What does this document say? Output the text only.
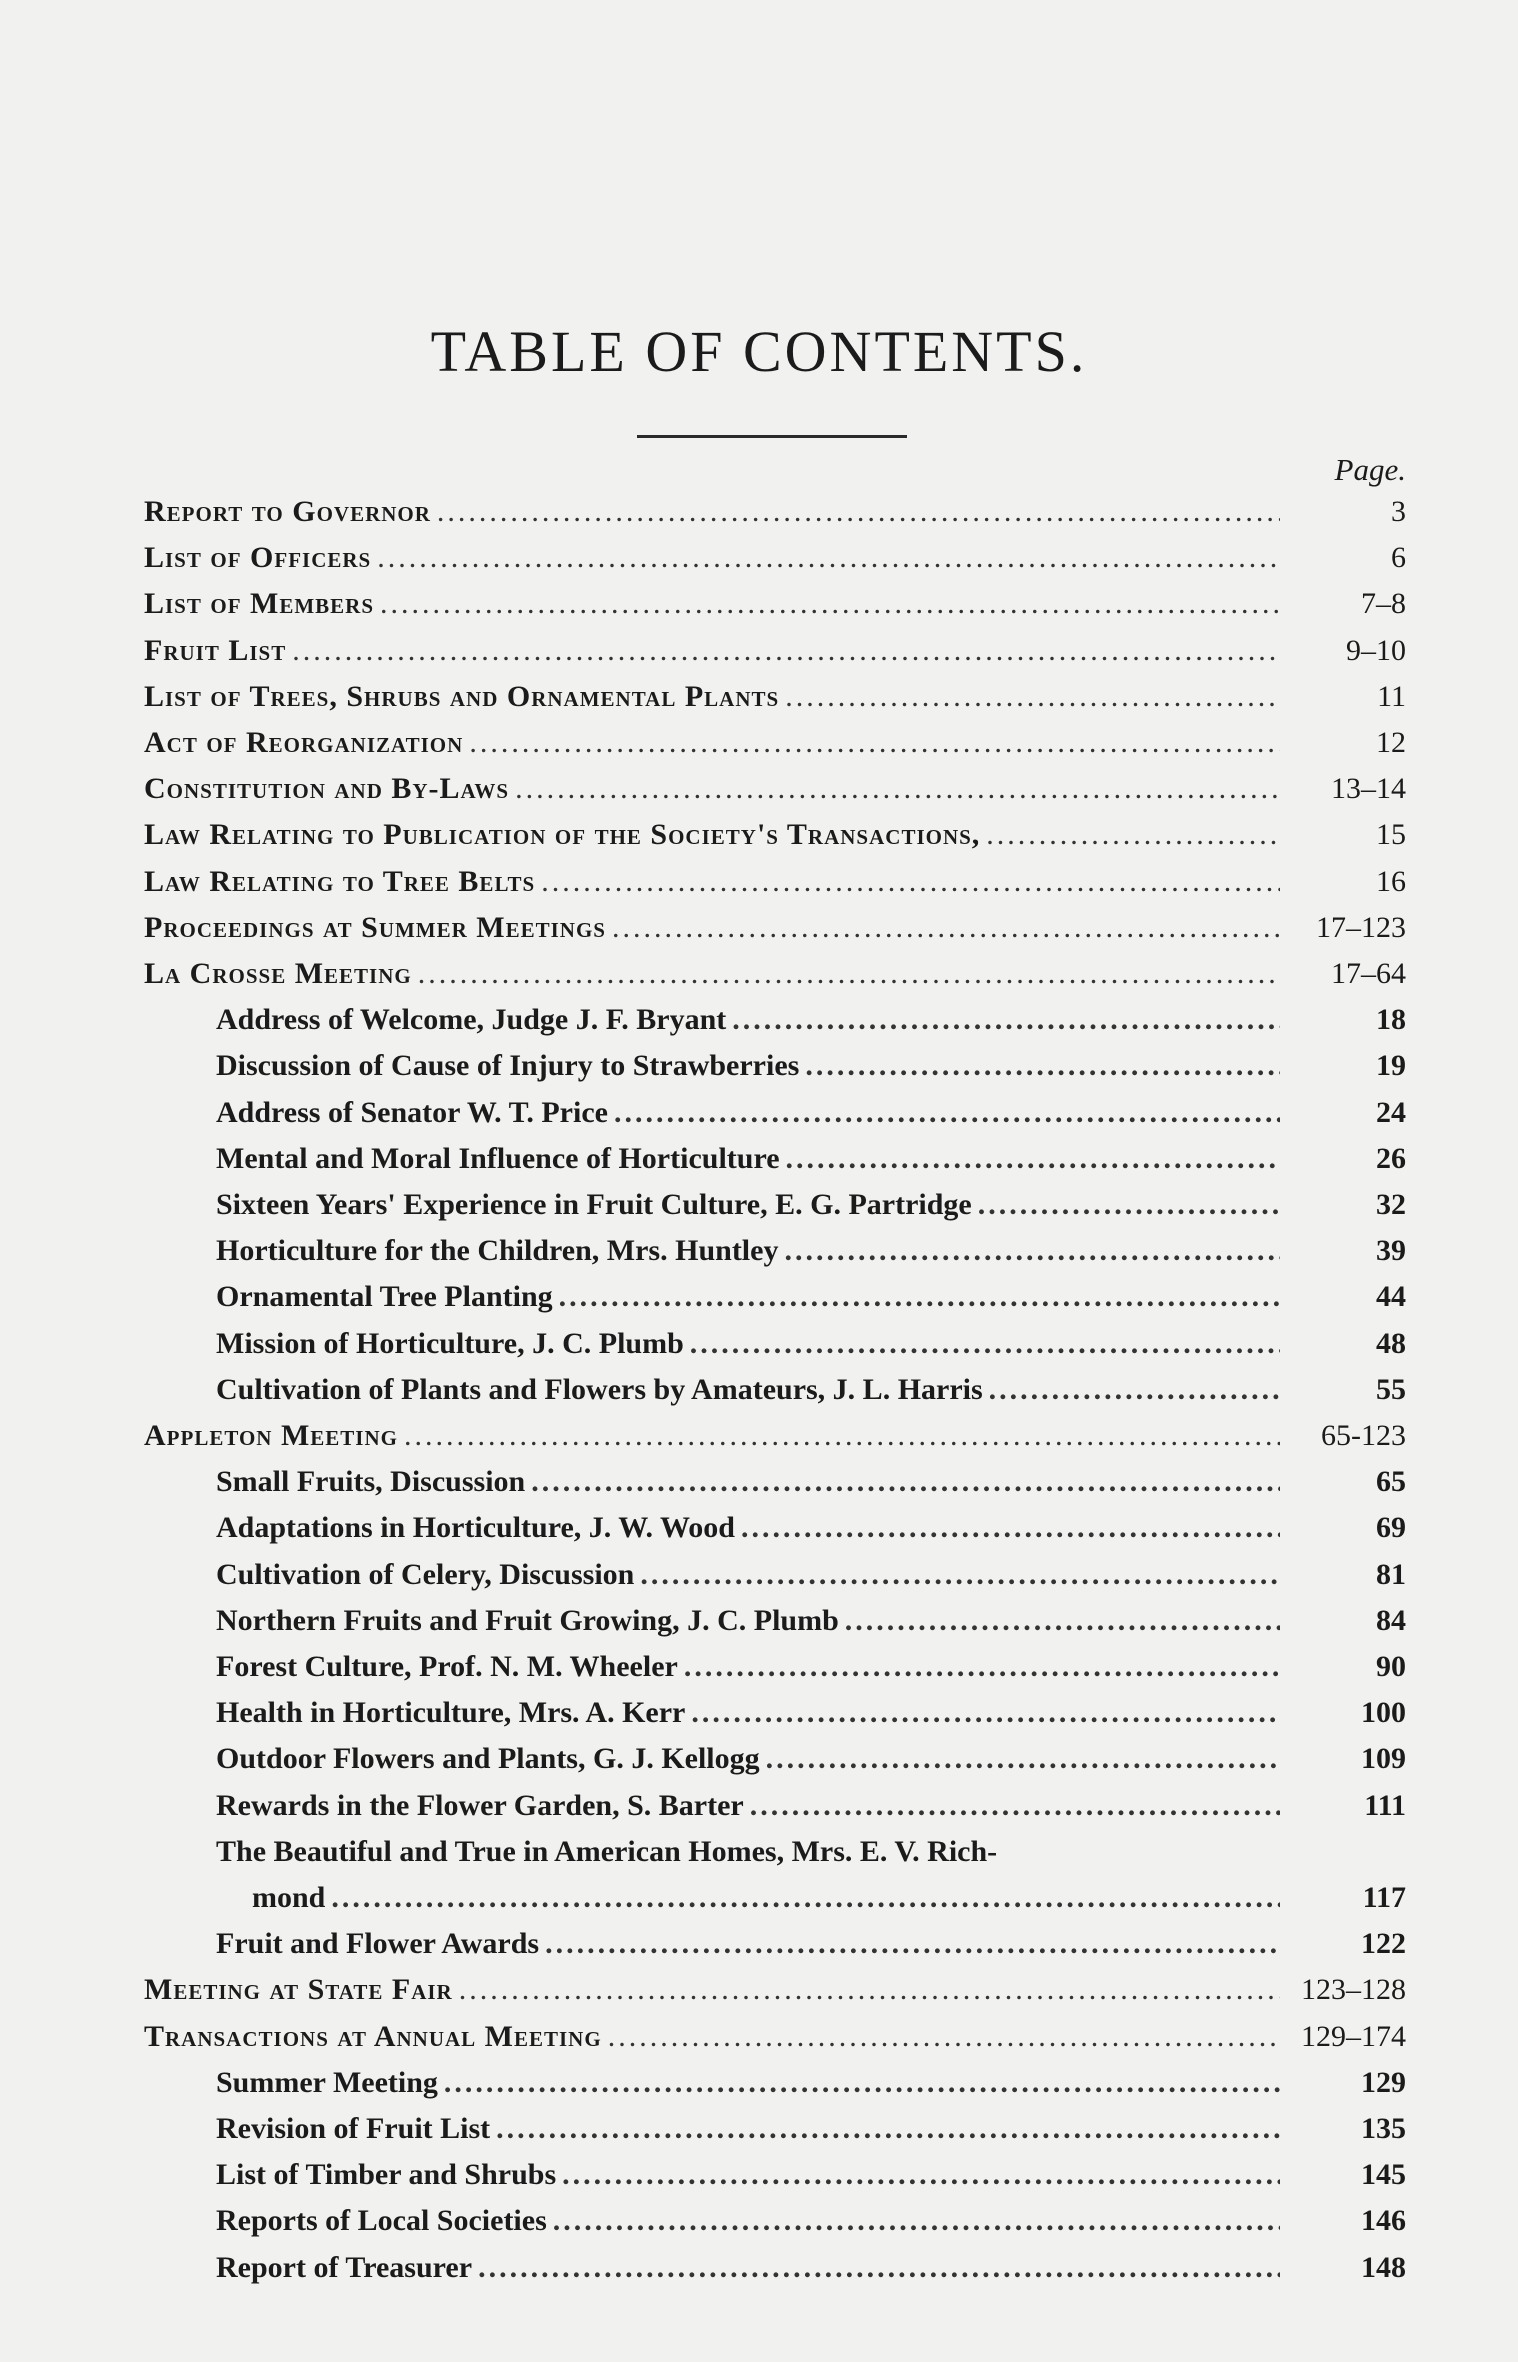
TABLE OF CONTENTS.
Page.
Report to Governor .....	3
List of Officers .....	6
List of Members .....	7–8
Fruit List .....	9–10
List of Trees, Shrubs and Ornamental Plants .....	11
Act of Reorganization .....	12
Constitution and By-Laws .....	13–14
Law Relating to Publication of the Society's Transactions, .....	15
Law Relating to Tree Belts .....	16
Proceedings at Summer Meetings .....	17–123
La Crosse Meeting .....	17–64
Address of Welcome, Judge J. F. Bryant .....	18
Discussion of Cause of Injury to Strawberries .....	19
Address of Senator W. T. Price .....	24
Mental and Moral Influence of Horticulture .....	26
Sixteen Years' Experience in Fruit Culture, E. G. Partridge .....	32
Horticulture for the Children, Mrs. Huntley .....	39
Ornamental Tree Planting .....	44
Mission of Horticulture, J. C. Plumb .....	48
Cultivation of Plants and Flowers by Amateurs, J. L. Harris .....	55
Appleton Meeting .....	65-123
Small Fruits, Discussion .....	65
Adaptations in Horticulture, J. W. Wood .....	69
Cultivation of Celery, Discussion .....	81
Northern Fruits and Fruit Growing, J. C. Plumb .....	84
Forest Culture, Prof. N. M. Wheeler .....	90
Health in Horticulture, Mrs. A. Kerr .....	100
Outdoor Flowers and Plants, G. J. Kellogg .....	109
Rewards in the Flower Garden, S. Barter .....	111
The Beautiful and True in American Homes, Mrs. E. V. Rich-
mond .....	117
Fruit and Flower Awards .....	122
Meeting at State Fair .....	123–128
Transactions at Annual Meeting .....	129–174
Summer Meeting .....	129
Revision of Fruit List .....	135
List of Timber and Shrubs .....	145
Reports of Local Societies .....	146
Report of Treasurer .....	148
